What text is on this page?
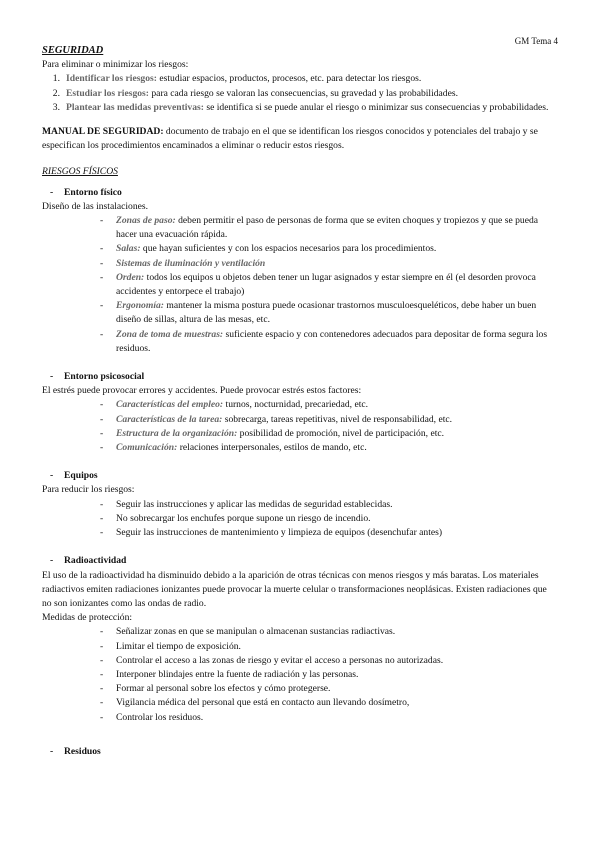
GM Tema 4
SEGURIDAD

Para eliminar o minimizar los riesgos:

1. Identificar los riesgos: estudiar espacios, productos, procesos, etc. para detectar los riesgos.
2. Estudiar los riesgos: para cada riesgo se valoran las consecuencias, su gravedad y las probabilidades.
3. Plantear las medidas preventivas: se identifica si se puede anular el riesgo o minimizar sus consecuencias y probabilidades.

MANUAL DE SEGURIDAD: documento de trabajo en el que se identifican los riesgos conocidos y potenciales del trabajo y se especifican los procedimientos encaminados a eliminar o reducir estos riesgos.

RIESGOS FÍSICOS
-	Entorno físico

Diseño de las instalaciones.

-	Zonas de paso: deben permitir el paso de personas de forma que se eviten choques y tropiezos y que se pueda hacer una evacuación rápida.
-	Salas: que hayan suficientes y con los espacios necesarios para los procedimientos.
-	Sistemas de iluminación y ventilación
-	Orden: todos los equipos u objetos deben tener un lugar asignados y estar siempre en él (el desorden provoca accidentes y entorpece el trabajo)
-	Ergonomía: mantener la misma postura puede ocasionar trastornos musculoesqueléticos, debe haber un buen diseño de sillas, altura de las mesas, etc.
-	Zona de toma de muestras: suficiente espacio y con contenedores adecuados para depositar de forma segura los residuos.
-	Entorno psicosocial

El estrés puede provocar errores y accidentes. Puede provocar estrés estos factores:

-	Características del empleo: turnos, nocturnidad, precariedad, etc.
-	Características de la tarea: sobrecarga, tareas repetitivas, nivel de responsabilidad, etc.
-	Estructura de la organización: posibilidad de promoción, nivel de participación, etc.
-	Comunicación: relaciones interpersonales, estilos de mando, etc.
-	Equipos

Para reducir los riesgos:

-	Seguir las instrucciones y aplicar las medidas de seguridad establecidas.
-	No sobrecargar los enchufes porque supone un riesgo de incendio.
-	Seguir las instrucciones de mantenimiento y limpieza de equipos (desenchufar antes)
-	Radioactividad

El uso de la radioactividad ha disminuido debido a la aparición de otras técnicas con menos riesgos y más baratas. Los materiales radiactivos emiten radiaciones ionizantes puede provocar la muerte celular o transformaciones neoplásicas. Existen radiaciones que no son ionizantes como las ondas de radio.

Medidas de protección:

-	Señalizar zonas en que se manipulan o almacenan sustancias radiactivas.
-	Limitar el tiempo de exposición.
-	Controlar el acceso a las zonas de riesgo y evitar el acceso a personas no autorizadas.
-	Interponer blindajes entre la fuente de radiación y las personas.
-	Formar al personal sobre los efectos y cómo protegerse.
-	Vigilancia médica del personal que está en contacto aun llevando dosímetro,
-	Controlar los residuos.
-	Residuos
